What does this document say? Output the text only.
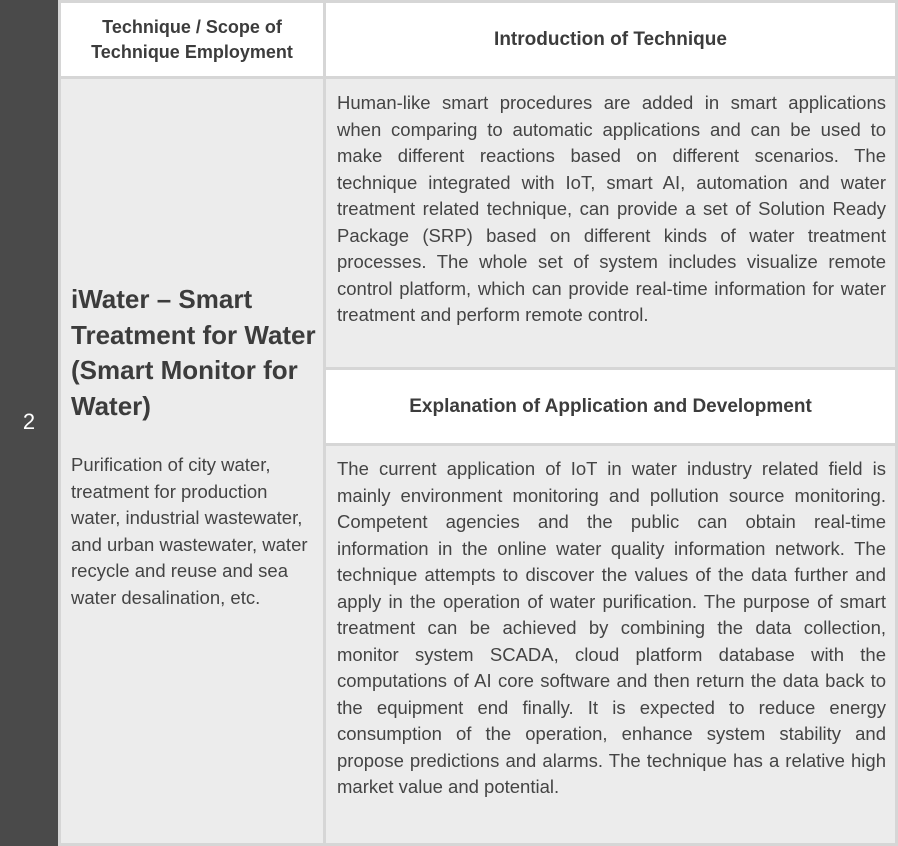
2
Technique / Scope of Technique Employment
Introduction of Technique
iWater – Smart Treatment for Water (Smart Monitor for Water)
Purification of city water, treatment for production water, industrial wastewater, and urban wastewater, water recycle and reuse and sea water desalination, etc.
Human-like smart procedures are added in smart applications when comparing to automatic applications and can be used to make different reactions based on different scenarios. The technique integrated with IoT, smart AI, automation and water treatment related technique, can provide a set of Solution Ready Package (SRP) based on different kinds of water treatment processes. The whole set of system includes visualize remote control platform, which can provide real-time information for water treatment and perform remote control.
Explanation of Application and Development
The current application of IoT in water industry related field is mainly environment monitoring and pollution source monitoring. Competent agencies and the public can obtain real-time information in the online water quality information network. The technique attempts to discover the values of the data further and apply in the operation of water purification. The purpose of smart treatment can be achieved by combining the data collection, monitor system SCADA, cloud platform database with the computations of AI core software and then return the data back to the equipment end finally. It is expected to reduce energy consumption of the operation, enhance system stability and propose predictions and alarms. The technique has a relative high market value and potential.
